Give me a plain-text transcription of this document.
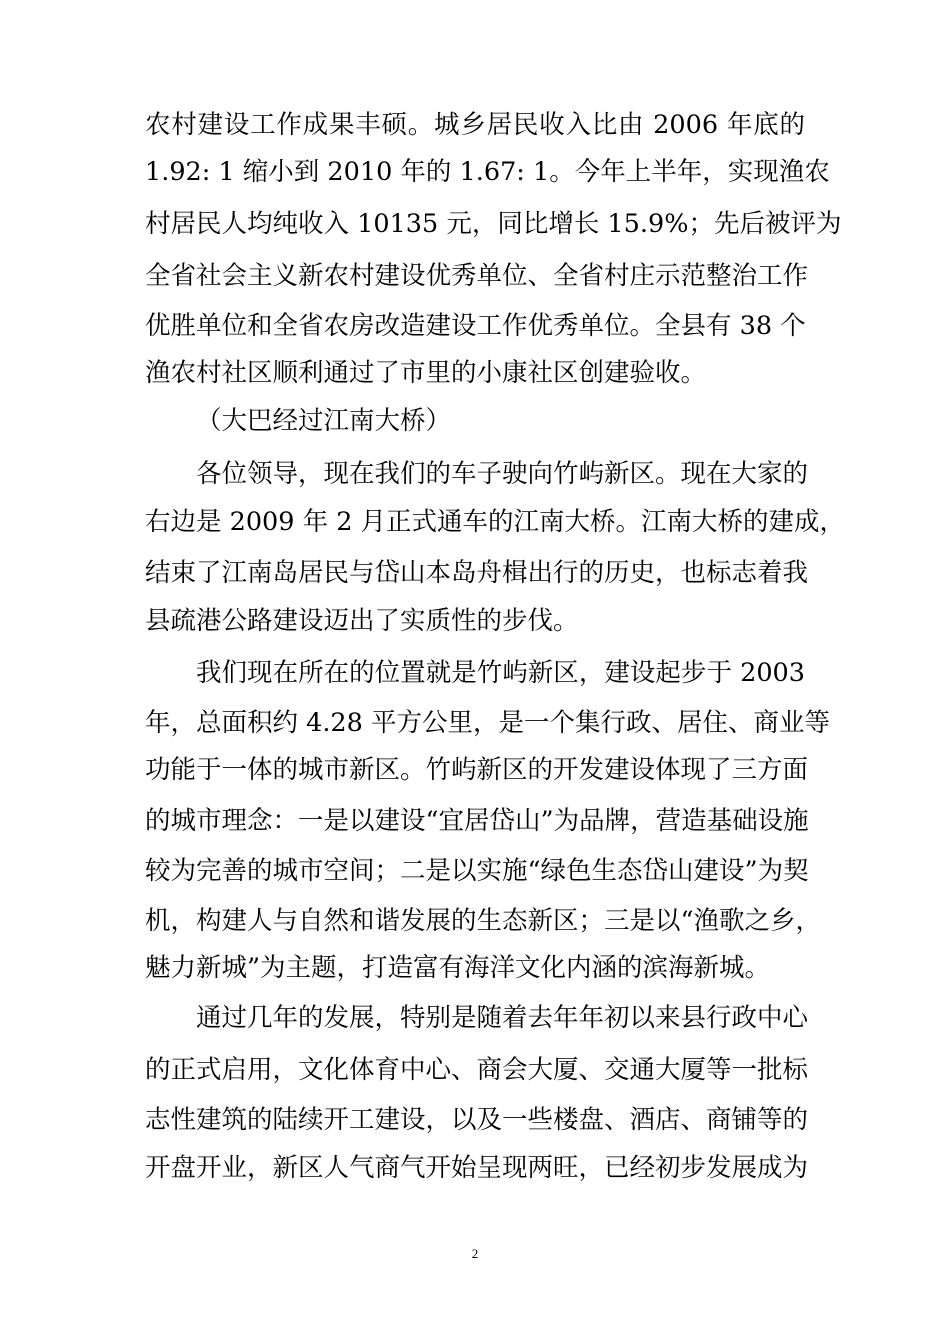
农村建设工作成果丰硕。城乡居民收入比由 2006 年底的
1.92: 1 缩小到 2010 年的 1.67: 1。今年上半年，实现渔农
村居民人均纯收入 10135 元，同比增长 15.9%；先后被评为
全省社会主义新农村建设优秀单位、全省村庄示范整治工作
优胜单位和全省农房改造建设工作优秀单位。全县有 38 个
渔农村社区顺利通过了市里的小康社区创建验收。
（大巴经过江南大桥）
各位领导，现在我们的车子驶向竹屿新区。现在大家的
右边是 2009 年 2 月正式通车的江南大桥。江南大桥的建成，
结束了江南岛居民与岱山本岛舟楫出行的历史，也标志着我
县疏港公路建设迈出了实质性的步伐。
我们现在所在的位置就是竹屿新区，建设起步于 2003
年，总面积约 4.28 平方公里，是一个集行政、居住、商业等
功能于一体的城市新区。竹屿新区的开发建设体现了三方面
的城市理念：一是以建设“宜居岱山”为品牌，营造基础设施
较为完善的城市空间；二是以实施“绿色生态岱山建设”为契
机，构建人与自然和谐发展的生态新区；三是以“渔歌之乡，
魅力新城”为主题，打造富有海洋文化内涵的滨海新城。
通过几年的发展，特别是随着去年年初以来县行政中心
的正式启用，文化体育中心、商会大厦、交通大厦等一批标
志性建筑的陆续开工建设，以及一些楼盘、酒店、商铺等的
开盘开业，新区人气商气开始呈现两旺，已经初步发展成为
2
